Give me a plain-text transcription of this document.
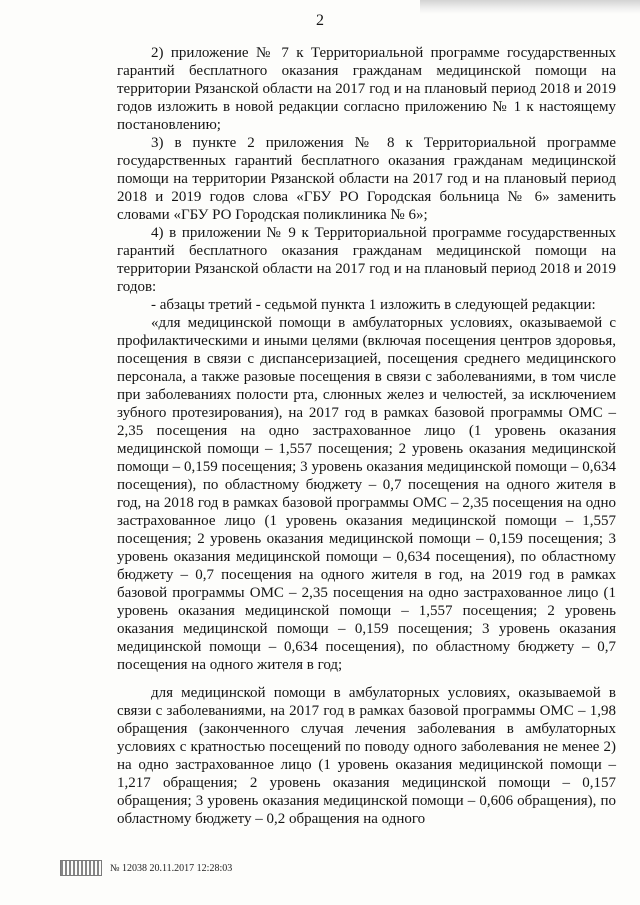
2

2) приложение № 7 к Территориальной программе государственных гарантий бесплатного оказания гражданам медицинской помощи на территории Рязанской области на 2017 год и на плановый период 2018 и 2019 годов изложить в новой редакции согласно приложению № 1 к настоящему постановлению;

3) в пункте 2 приложения № 8 к Территориальной программе государственных гарантий бесплатного оказания гражданам медицинской помощи на территории Рязанской области на 2017 год и на плановый период 2018 и 2019 годов слова «ГБУ РО Городская больница № 6» заменить словами «ГБУ РО Городская поликлиника № 6»;

4) в приложении № 9 к Территориальной программе государственных гарантий бесплатного оказания гражданам медицинской помощи на территории Рязанской области на 2017 год и на плановый период 2018 и 2019 годов:

- абзацы третий - седьмой пункта 1 изложить в следующей редакции:

«для медицинской помощи в амбулаторных условиях, оказываемой с профилактическими и иными целями (включая посещения центров здоровья, посещения в связи с диспансеризацией, посещения среднего медицинского персонала, а также разовые посещения в связи с заболеваниями, в том числе при заболеваниях полости рта, слюнных желез и челюстей, за исключением зубного протезирования), на 2017 год в рамках базовой программы ОМС – 2,35 посещения на одно застрахованное лицо (1 уровень оказания медицинской помощи – 1,557 посещения; 2 уровень оказания медицинской помощи – 0,159 посещения; 3 уровень оказания медицинской помощи – 0,634 посещения), по областному бюджету – 0,7 посещения на одного жителя в год, на 2018 год в рамках базовой программы ОМС – 2,35 посещения на одно застрахованное лицо (1 уровень оказания медицинской помощи – 1,557 посещения; 2 уровень оказания медицинской помощи – 0,159 посещения; 3 уровень оказания медицинской помощи – 0,634 посещения), по областному бюджету – 0,7 посещения на одного жителя в год, на 2019 год в рамках базовой программы ОМС – 2,35 посещения на одно застрахованное лицо (1 уровень оказания медицинской помощи – 1,557 посещения; 2 уровень оказания медицинской помощи – 0,159 посещения; 3 уровень оказания медицинской помощи – 0,634 посещения), по областному бюджету – 0,7 посещения на одного жителя в год;

для медицинской помощи в амбулаторных условиях, оказываемой в связи с заболеваниями, на 2017 год в рамках базовой программы ОМС – 1,98 обращения (законченного случая лечения заболевания в амбулаторных условиях с кратностью посещений по поводу одного заболевания не менее 2) на одно застрахованное лицо (1 уровень оказания медицинской помощи – 1,217 обращения; 2 уровень оказания медицинской помощи – 0,157 обращения; 3 уровень оказания медицинской помощи – 0,606 обращения), по областному бюджету – 0,2 обращения на одного

№ 12038 20.11.2017 12:28:03
